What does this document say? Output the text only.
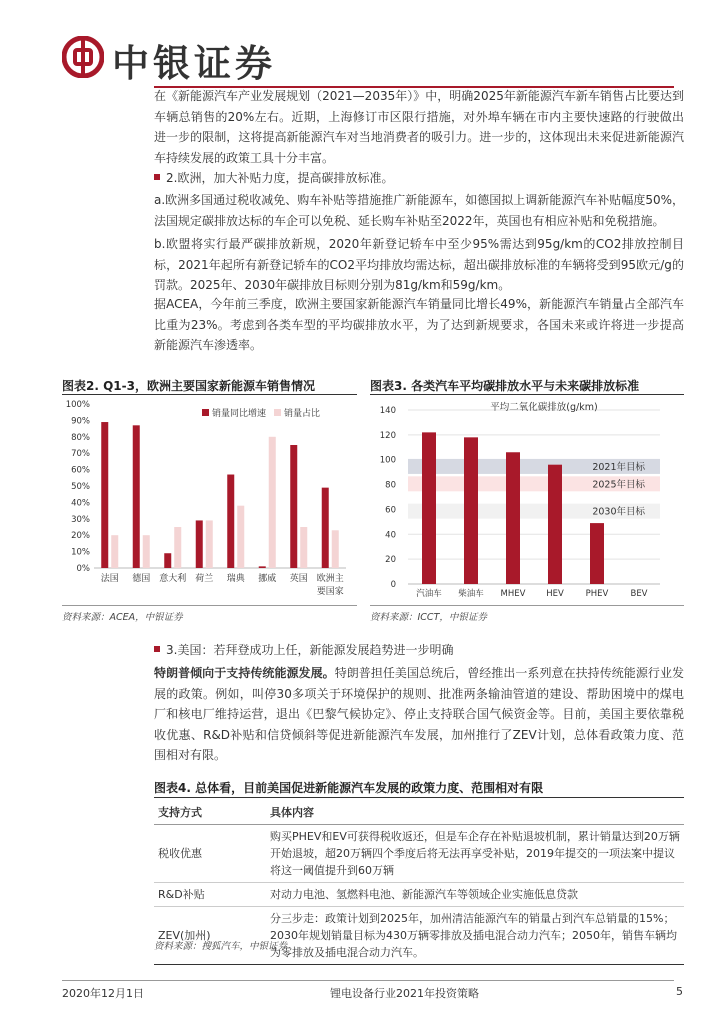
中银证券
在《新能源汽车产业发展规划（2021—2035年）》中，明确2025年新能源汽车新车销售占比要达到车辆总销售的20%左右。近期，上海修订市区限行措施，对外埠车辆在市内主要快速路的行驶做出进一步的限制，这将提高新能源汽车对当地消费者的吸引力。进一步的，这体现出未来促进新能源汽车持续发展的政策工具十分丰富。
2.欧洲，加大补贴力度，提高碳排放标准。
a.欧洲多国通过税收减免、购车补贴等措施推广新能源车，如德国拟上调新能源汽车补贴幅度50%，法国规定碳排放达标的车企可以免税、延长购车补贴至2022年，英国也有相应补贴和免税措施。
b.欧盟将实行最严碳排放新规，2020年新登记轿车中至少95%需达到95g/km的CO2排放控制目标，2021年起所有新登记轿车的CO2平均排放均需达标，超出碳排放标准的车辆将受到95欧元/g的罚款。2025年、2030年碳排放目标则分别为81g/km和59g/km。
据ACEA，今年前三季度，欧洲主要国家新能源汽车销量同比增长49%，新能源汽车销量占全部汽车比重为23%。考虑到各类车型的平均碳排放水平，为了达到新规要求，各国未来或许将进一步提高新能源汽车渗透率。
图表2. Q1-3，欧洲主要国家新能源车销售情况
0%
10%
20%
30%
40%
50%
60%
70%
80%
90%
100%
法国 德国 意大利 荷兰 瑞典 挪威 英国 欧洲主
要国家
销量同比增速 销量占比
资料来源：ACEA，中银证券
图表3. 各类汽车平均碳排放水平与未来碳排放标准
0
20
40
60
80
100
120
140
2021年目标
2025年目标
2030年目标
汽油车 柴油车 MHEV HEV	PHEV	BEV
平均二氧化碳排放(g/km)
资料来源：ICCT，中银证券
3.美国：若拜登成功上任，新能源发展趋势进一步明确
特朗普倾向于支持传统能源发展。特朗普担任美国总统后，曾经推出一系列意在扶持传统能源行业发展的政策。例如，叫停30多项关于环境保护的规则、批准两条输油管道的建设、帮助困境中的煤电厂和核电厂维持运营，退出《巴黎气候协定》、停止支持联合国气候资金等。目前，美国主要依靠税收优惠、R&D补贴和信贷倾斜等促进新能源汽车发展，加州推行了ZEV计划，总体看政策力度、范围相对有限。
图表4. 总体看，目前美国促进新能源汽车发展的政策力度、范围相对有限
支持方式	具体内容
税收优惠	购买PHEV和EV可获得税收返还，但是车企存在补贴退坡机制，累计销量达到20万辆开始退坡，超20万辆四个季度后将无法再享受补贴，2019年提交的一项法案中提议将这一阈值提升到60万辆
R&D补贴	对动力电池、氢燃料电池、新能源汽车等领域企业实施低息贷款
ZEV(加州)	分三步走：政策计划到2025年，加州清洁能源汽车的销量占到汽车总销量的15%；2030年规划销量目标为430万辆零排放及插电混合动力汽车；2050年，销售车辆均为零排放及插电混合动力汽车。
资料来源：搜狐汽车，中银证券
2020年12月1日	锂电设备行业2021年投资策略	5
